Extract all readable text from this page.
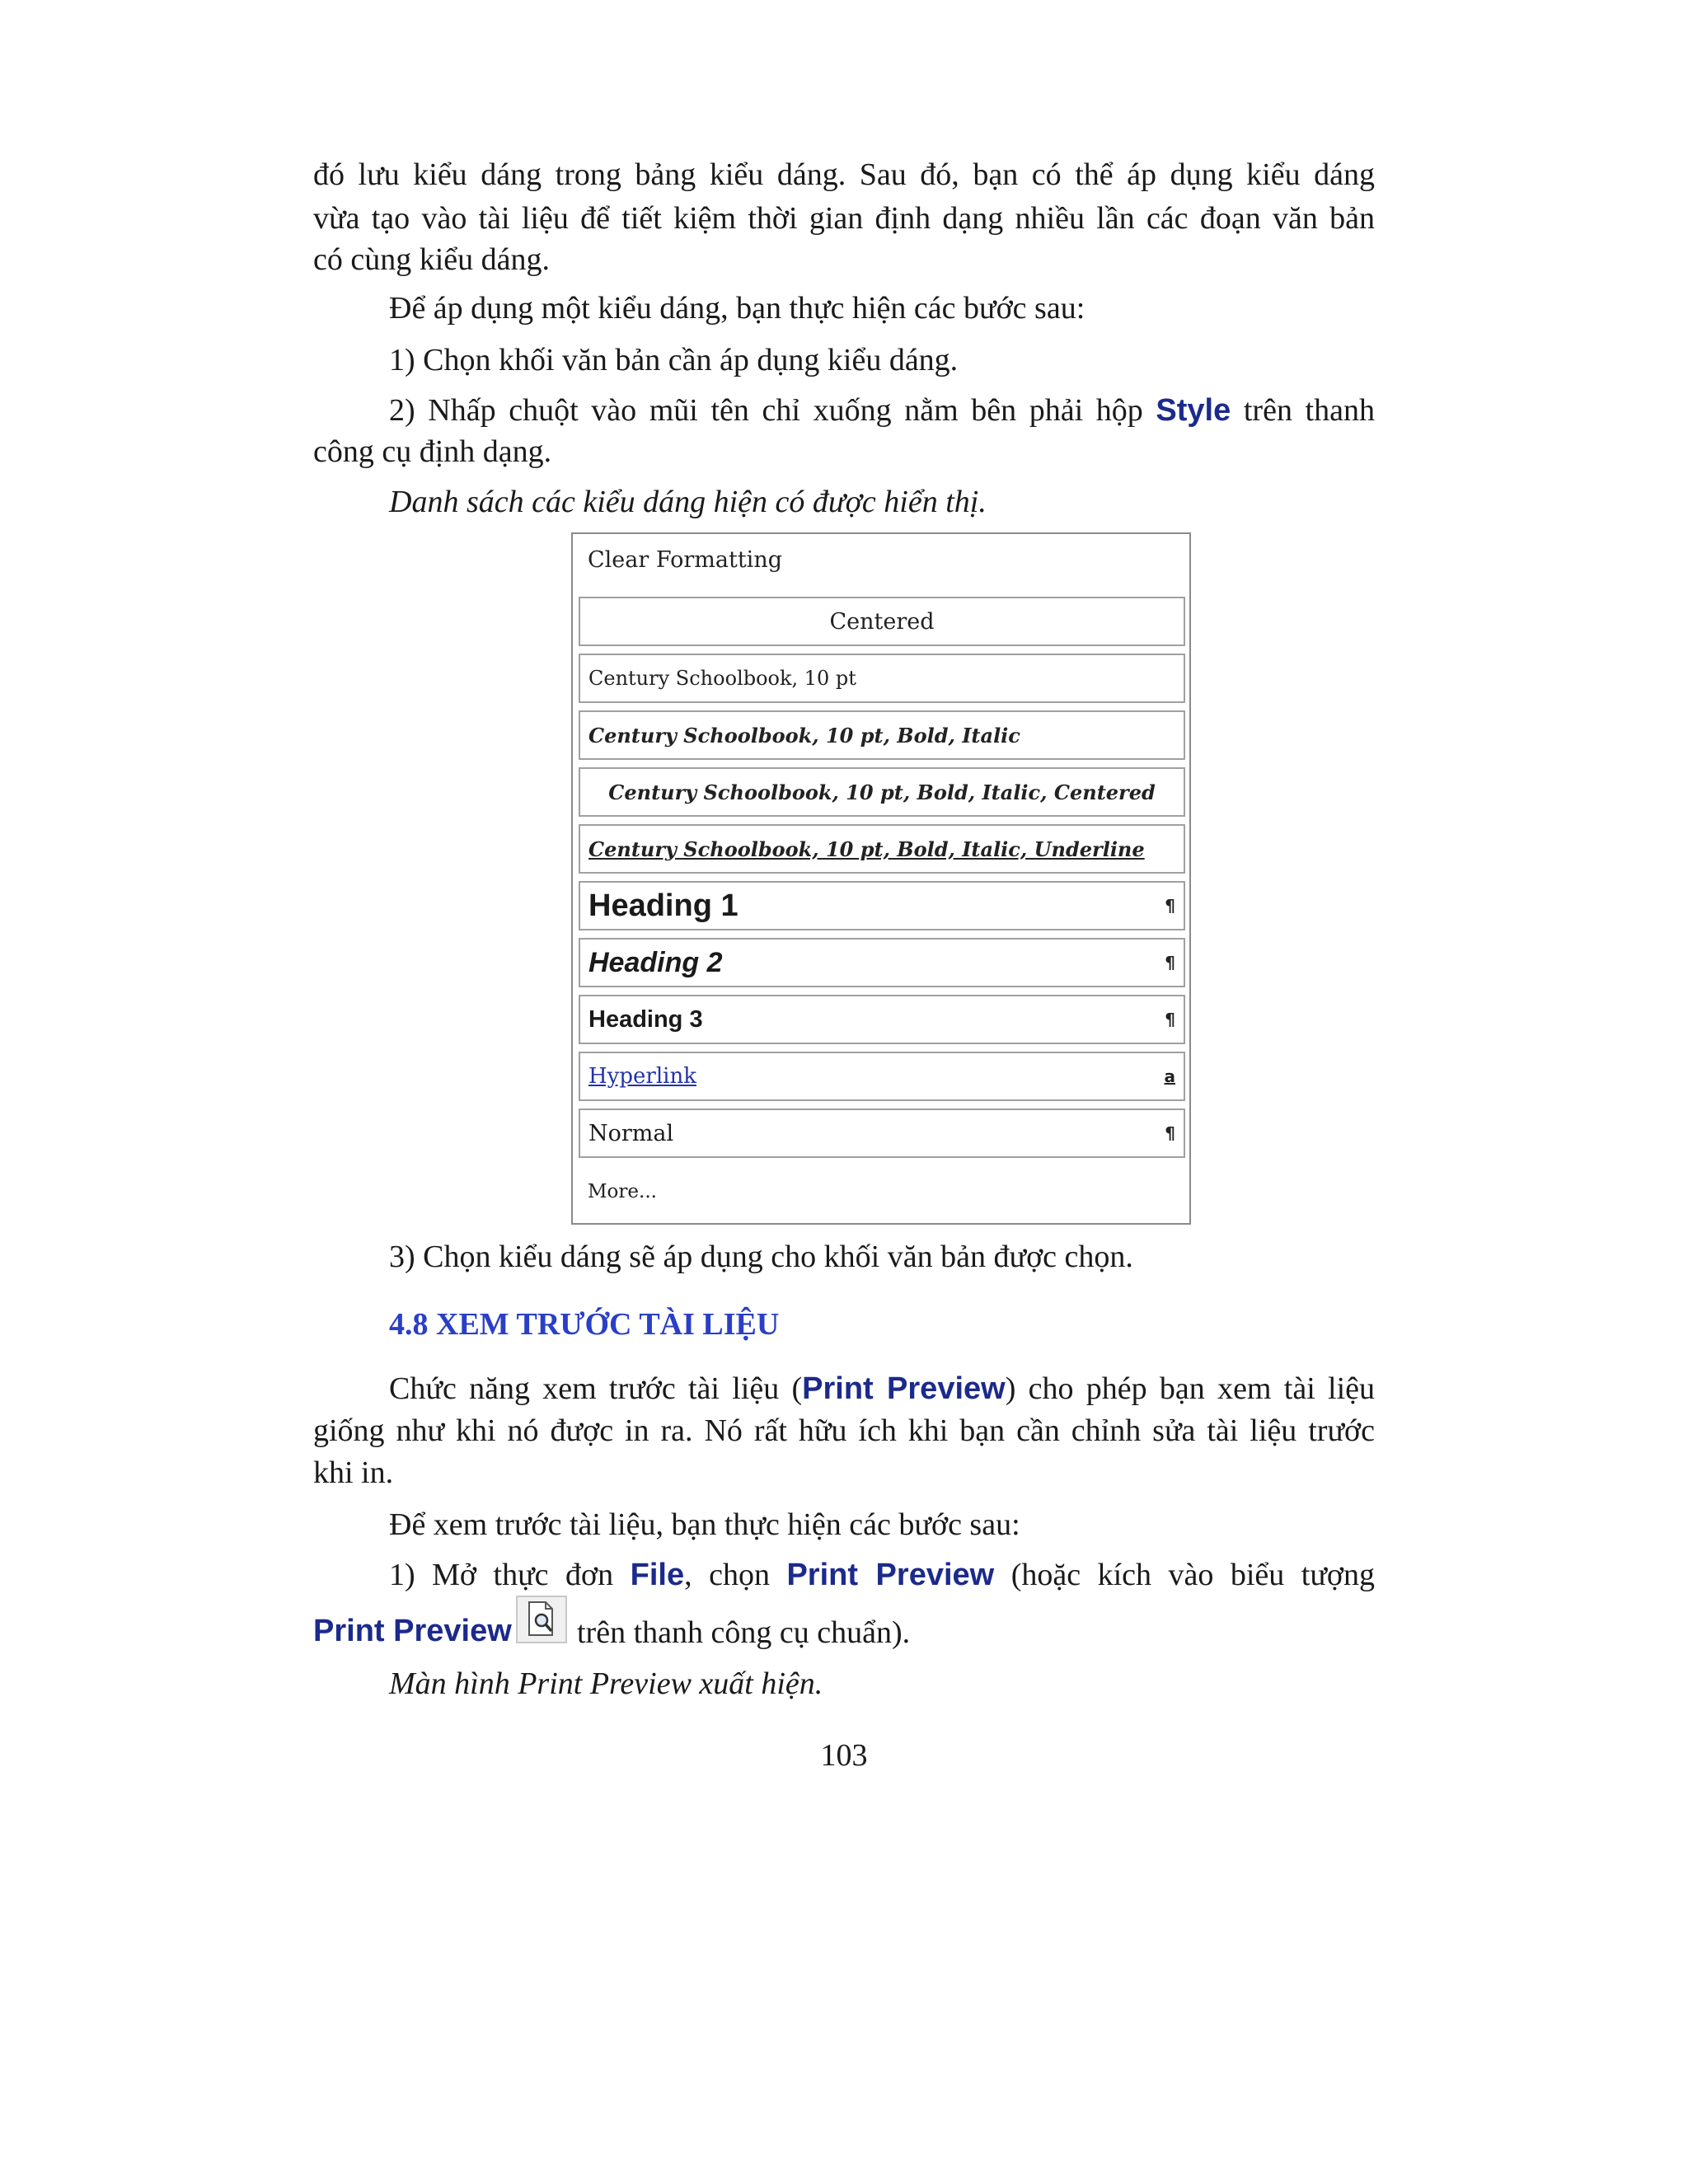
đó lưu kiểu dáng trong bảng kiểu dáng. Sau đó, bạn có thể áp dụng kiểu dáng

vừa tạo vào tài liệu để tiết kiệm thời gian định dạng nhiều lần các đoạn văn bản

có cùng kiểu dáng.

Để áp dụng một kiểu dáng, bạn thực hiện các bước sau:

1) Chọn khối văn bản cần áp dụng kiểu dáng.

2) Nhấp chuột vào mũi tên chỉ xuống nằm bên phải hộp Style trên thanh

công cụ định dạng.

Danh sách các kiểu dáng hiện có được hiển thị.

Clear Formatting
Centered
Century Schoolbook, 10 pt
Century Schoolbook, 10 pt, Bold, Italic
Century Schoolbook, 10 pt, Bold, Italic, Centered
Century Schoolbook, 10 pt, Bold, Italic, Underline
Heading 1	¶
Heading 2	¶
Heading 3	¶
Hyperlink	a
Normal	¶
More...

3) Chọn kiểu dáng sẽ áp dụng cho khối văn bản được chọn.

4.8 XEM TRƯỚC TÀI LIỆU

Chức năng xem trước tài liệu (Print Preview) cho phép bạn xem tài liệu

giống như khi nó được in ra. Nó rất hữu ích khi bạn cần chỉnh sửa tài liệu trước

khi in.

Để xem trước tài liệu, bạn thực hiện các bước sau:

1) Mở thực đơn File, chọn Print Preview (hoặc kích vào biểu tượng

Print Preview trên thanh công cụ chuẩn).

Màn hình Print Preview xuất hiện.

103
